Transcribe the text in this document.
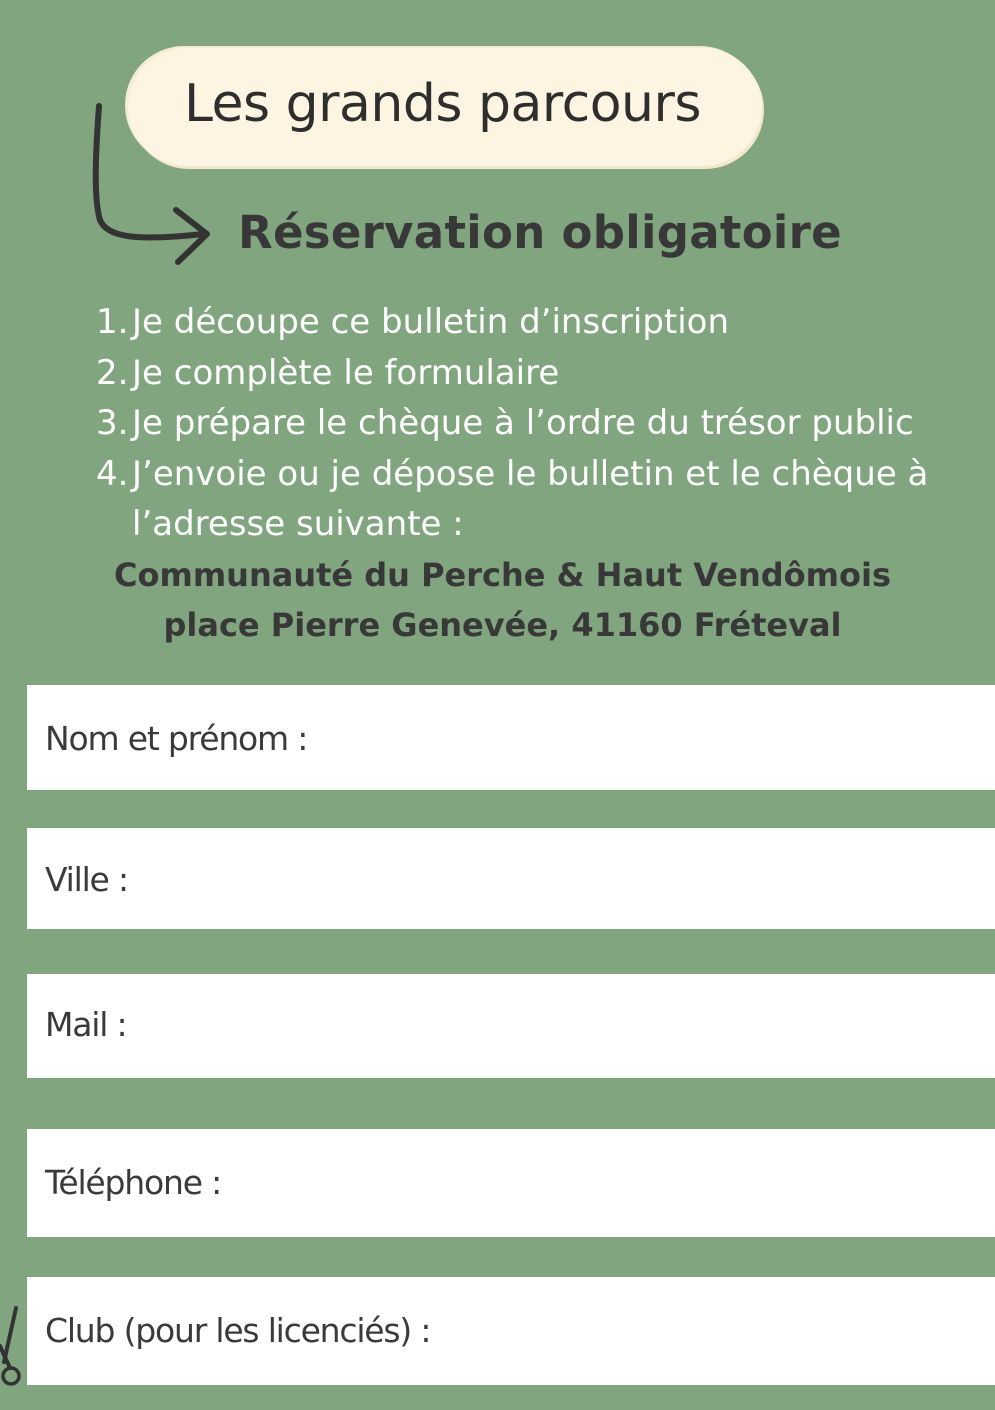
Les grands parcours
Réservation obligatoire
1. Je découpe ce bulletin d’inscription
2. Je complète le formulaire
3. Je prépare le chèque à l’ordre du trésor public
4. J’envoie ou je dépose le bulletin et le chèque à
l’adresse suivante :
Communauté du Perche & Haut Vendômois
place Pierre Genevée, 41160 Fréteval
Nom et prénom :
Ville :
Mail :
Téléphone :
Club (pour les licenciés) :
